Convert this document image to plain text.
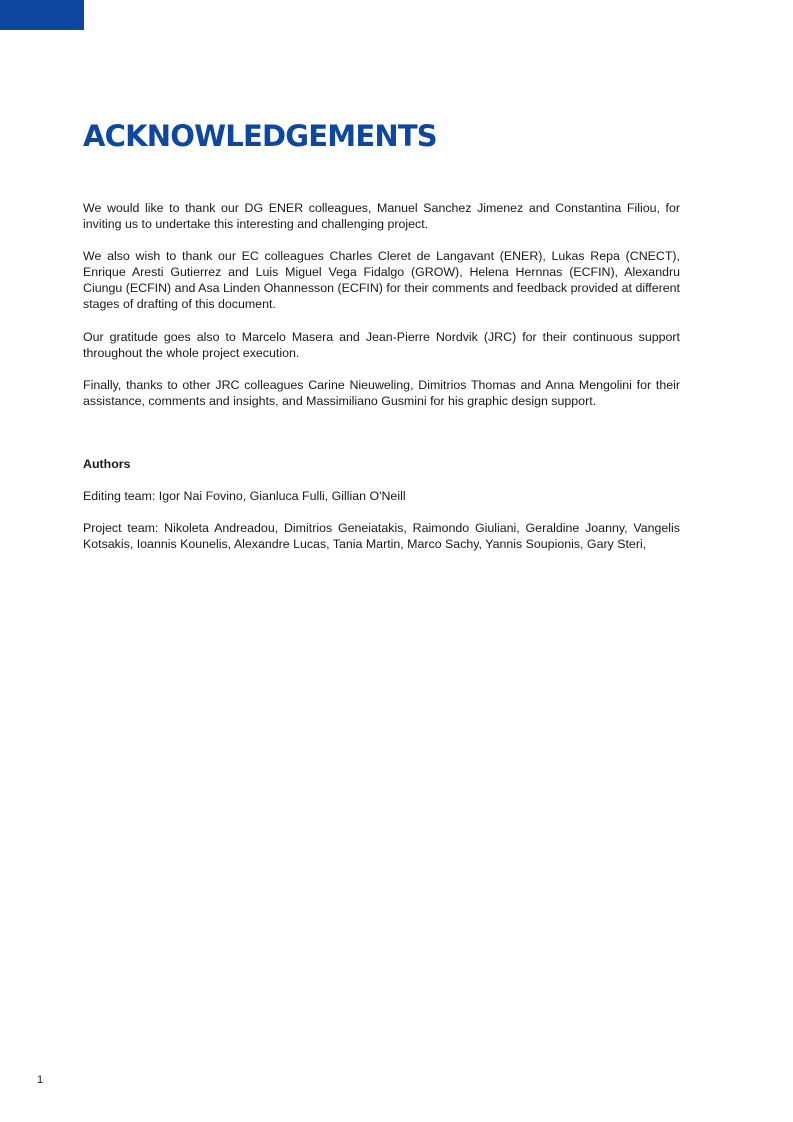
ACKNOWLEDGEMENTS

We would like to thank our DG ENER colleagues, Manuel Sanchez Jimenez and Constantina Filiou, for inviting us to undertake this interesting and challenging project.

We also wish to thank our EC colleagues Charles Cleret de Langavant (ENER), Lukas Repa (CNECT), Enrique Aresti Gutierrez and Luis Miguel Vega Fidalgo (GROW), Helena Hernnas (ECFIN), Alexandru Ciungu (ECFIN) and Asa Linden Ohannesson (ECFIN) for their comments and feedback provided at different stages of drafting of this document.

Our gratitude goes also to Marcelo Masera and Jean-Pierre Nordvik (JRC) for their continuous support throughout the whole project execution.

Finally, thanks to other JRC colleagues Carine Nieuweling, Dimitrios Thomas and Anna Mengolini for their assistance, comments and insights, and Massimiliano Gusmini for his graphic design support.

Authors

Editing team: Igor Nai Fovino, Gianluca Fulli, Gillian O'Neill

Project team: Nikoleta Andreadou, Dimitrios Geneiatakis, Raimondo Giuliani, Geraldine Joanny, Vangelis Kotsakis, Ioannis Kounelis, Alexandre Lucas, Tania Martin, Marco Sachy, Yannis Soupionis, Gary Steri,

1
